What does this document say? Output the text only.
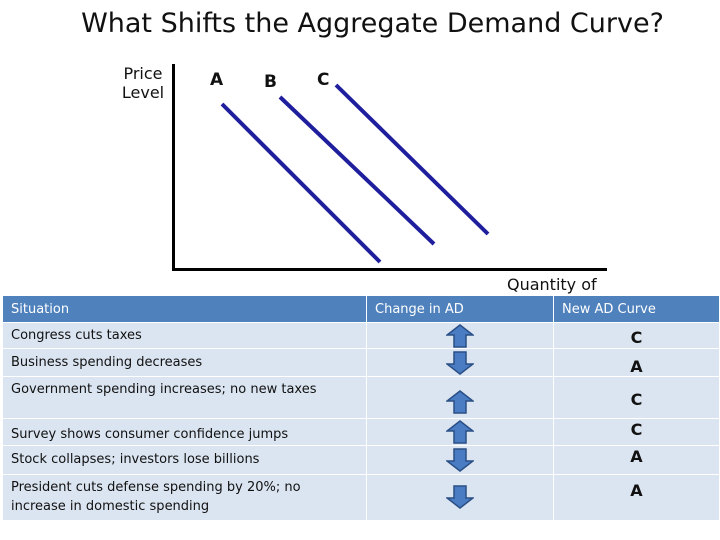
What Shifts the Aggregate Demand Curve?
Price Level
Quantity of
A B C
Situation	Change in AD	New AD Curve
Congress cuts taxes		C

Business spending decreases		A

Government spending increases; no new taxes		C

Survey shows consumer confidence jumps		C

Stock collapses; investors lose billions		A

President cuts defense spending by 20%; no increase in domestic spending		A
